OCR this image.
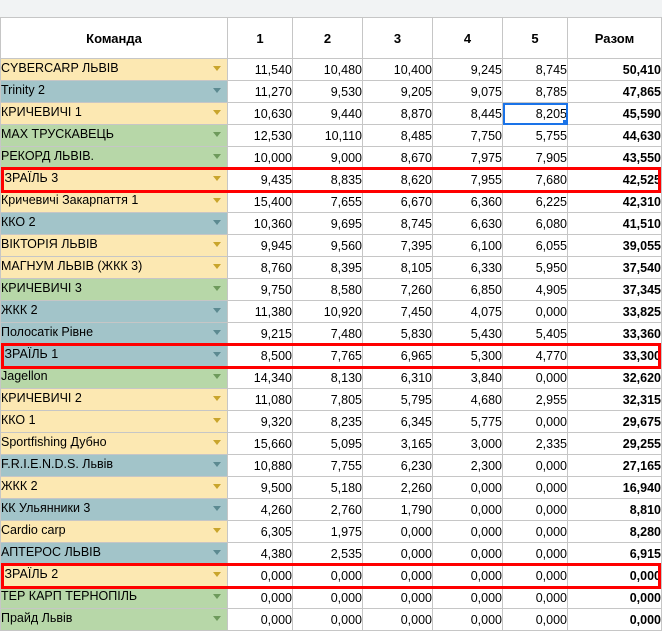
Команда	1	2	3	4	5	Разом
CYBERCARP ЛЬВІВ	11,540	10,480	10,400	9,245	8,745	50,410
Trinity 2	11,270	9,530	9,205	9,075	8,785	47,865
КРИЧЕВИЧІ 1	10,630	9,440	8,870	8,445	8,205	45,590
MAX ТРУСКАВЕЦЬ	12,530	10,110	8,485	7,750	5,755	44,630
РЕКОРД ЛЬВІВ.	10,000	9,000	8,670	7,975	7,905	43,550
ІЗРАЇЛЬ 3	9,435	8,835	8,620	7,955	7,680	42,525
Кричевичі Закарпаття 1	15,400	7,655	6,670	6,360	6,225	42,310
ККО 2	10,360	9,695	8,745	6,630	6,080	41,510
ВІКТОРІЯ ЛЬВІВ	9,945	9,560	7,395	6,100	6,055	39,055
МАГНУМ ЛЬВІВ (ЖКК 3)	8,760	8,395	8,105	6,330	5,950	37,540
КРИЧЕВИЧІ 3	9,750	8,580	7,260	6,850	4,905	37,345
ЖКК 2	11,380	10,920	7,450	4,075	0,000	33,825
Полосатік Рівне	9,215	7,480	5,830	5,430	5,405	33,360
ІЗРАЇЛЬ 1	8,500	7,765	6,965	5,300	4,770	33,300
Jagellon	14,340	8,130	6,310	3,840	0,000	32,620
КРИЧЕВИЧІ 2	11,080	7,805	5,795	4,680	2,955	32,315
ККО 1	9,320	8,235	6,345	5,775	0,000	29,675
Sportfishing Дубно	15,660	5,095	3,165	3,000	2,335	29,255
F.R.I.E.N.D.S. Львів	10,880	7,755	6,230	2,300	0,000	27,165
ЖКК 2	9,500	5,180	2,260	0,000	0,000	16,940
КК Ульянники 3	4,260	2,760	1,790	0,000	0,000	8,810
Cardio carp	6,305	1,975	0,000	0,000	0,000	8,280
АПТЕРОС ЛЬВІВ	4,380	2,535	0,000	0,000	0,000	6,915
ІЗРАЇЛЬ 2	0,000	0,000	0,000	0,000	0,000	0,000
ТЕР КАРП ТЕРНОПІЛЬ	0,000	0,000	0,000	0,000	0,000	0,000
Прайд Львів	0,000	0,000	0,000	0,000	0,000	0,000
